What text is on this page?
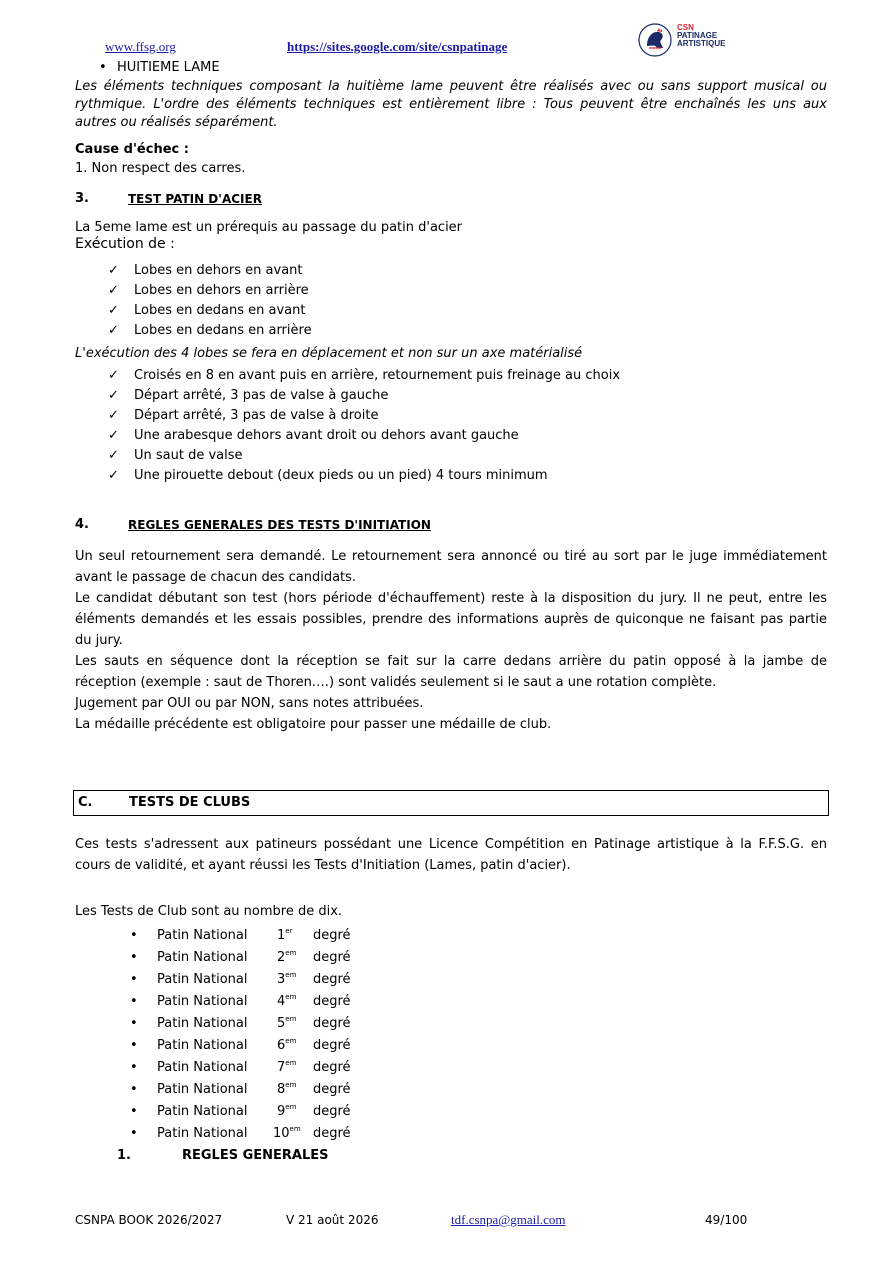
www.ffsg.org	https://sites.google.com/site/csnpatinage
CSN
PATINAGE
ARTISTIQUE
• HUITIEME LAME
Les éléments techniques composant la huitième lame peuvent être réalisés avec ou sans support musical ou
rythmique. L'ordre des éléments techniques est entièrement libre : Tous peuvent être enchaînés les uns aux
autres ou réalisés séparément.
Cause d'échec :
1. Non respect des carres.
3.	TEST PATIN D'ACIER
La 5eme lame est un prérequis au passage du patin d'acier
Exécution de :
✓	Lobes en dehors en avant
✓	Lobes en dehors en arrière
✓	Lobes en dedans en avant
✓	Lobes en dedans en arrière
L'exécution des 4 lobes se fera en déplacement et non sur un axe matérialisé
✓	Croisés en 8 en avant puis en arrière, retournement puis freinage au choix
✓	Départ arrêté, 3 pas de valse à gauche
✓	Départ arrêté, 3 pas de valse à droite
✓	Une arabesque dehors avant droit ou dehors avant gauche
✓	Un saut de valse
✓	Une pirouette debout (deux pieds ou un pied) 4 tours minimum
4.	REGLES GENERALES DES TESTS D'INITIATION
Un seul retournement sera demandé. Le retournement sera annoncé ou tiré au sort par le juge immédiatement
avant le passage de chacun des candidats.
Le candidat débutant son test (hors période d'échauffement) reste à la disposition du jury. Il ne peut, entre les
éléments demandés et les essais possibles, prendre des informations auprès de quiconque ne faisant pas partie
du jury.
Les sauts en séquence dont la réception se fait sur la carre dedans arrière du patin opposé à la jambe de
réception (exemple : saut de Thoren….) sont validés seulement si le saut a une rotation complète.
Jugement par OUI ou par NON, sans notes attribuées.
La médaille précédente est obligatoire pour passer une médaille de club.
C.	TESTS DE CLUBS
Ces tests s'adressent aux patineurs possédant une Licence Compétition en Patinage artistique à la F.F.S.G. en
cours de validité, et ayant réussi les Tests d'Initiation (Lames, patin d'acier).
Les Tests de Club sont au nombre de dix.
•	Patin National	1er	degré
•	Patin National	$2^{em}$	degré
•	Patin National	$3^{em}$	degré
•	Patin National	$4^{em}$	degré
•	Patin National	$5^{em}$	degré
•	Patin National	$6^{em}$	degré
•	Patin National	$7^{em}$	degré
•	Patin National	$8^{em}$	degré
•	Patin National	$9^{em}$	degré
•	Patin National	$10^{em}$ degré
1.	REGLES GENERALES
CSNPA BOOK 2026/2027	V 21 août 2026	tdf.csnpa@gmail.com	49/100
